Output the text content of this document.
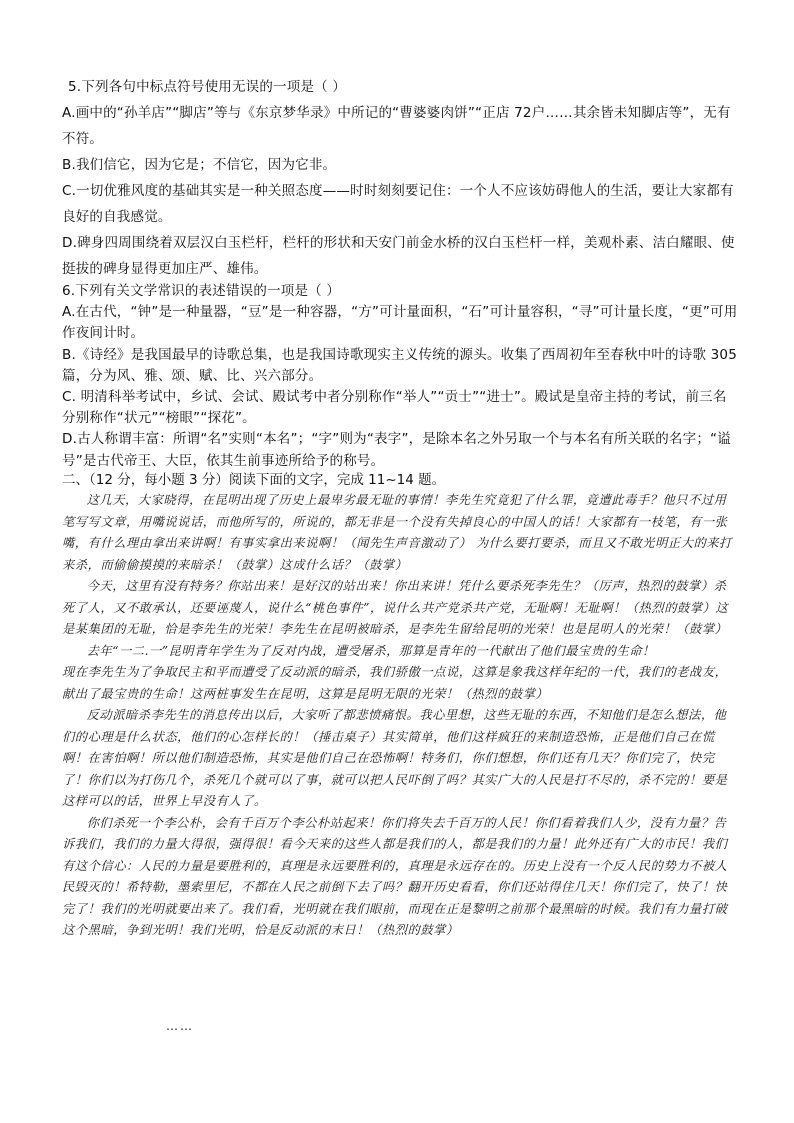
5.下列各句中标点符号使用无误的一项是（ ）

A.画中的“孙羊店”“脚店”等与《东京梦华录》中所记的“曹婆婆肉饼”“正店 72户……其余皆未知脚店等”，无有不符。

B.我们信它，因为它是；不信它，因为它非。

C.一切优雅风度的基础其实是一种关照态度——时时刻刻要记住：一个人不应该妨碍他人的生活，要让大家都有良好的自我感觉。

D.碑身四周围绕着双层汉白玉栏杆，栏杆的形状和天安门前金水桥的汉白玉栏杆一样，美观朴素、洁白耀眼、使挺拔的碑身显得更加庄严、雄伟。

6.下列有关文学常识的表述错误的一项是（ ）

A.在古代，“钟”是一种量器，“豆”是一种容器，“方”可计量面积，“石”可计量容积，“寻”可计量长度，“更”可用作夜间计时。

B.《诗经》是我国最早的诗歌总集，也是我国诗歌现实主义传统的源头。收集了西周初年至春秋中叶的诗歌 305篇，分为风、雅、颂、赋、比、兴六部分。

C. 明清科举考试中，乡试、会试、殿试考中者分别称作“举人”“贡士”“进士”。殿试是皇帝主持的考试，前三名分别称作“状元”“榜眼”“探花”。

D.古人称谓丰富：所谓“名”实则“本名”；“字”则为“表字”，是除本名之外另取一个与本名有所关联的名字；“谥号”是古代帝王、大臣，依其生前事迹所给予的称号。

二、（12 分，每小题 3 分）阅读下面的文字，完成 11~14 题。

这几天，大家晓得，在昆明出现了历史上最卑劣最无耻的事情！李先生究竟犯了什么罪，竟遭此毒手？他只不过用笔写写文章，用嘴说说话，而他所写的，所说的，都无非是一个没有失掉良心的中国人的话！大家都有一枝笔，有一张嘴，有什么理由拿出来讲啊！有事实拿出来说啊！（闻先生声音激动了） 为什么要打要杀，而且又不敢光明正大的来打来杀，而偷偷摸摸的来暗杀！（鼓掌）这成什么话？（鼓掌）

今天，这里有没有特务？你站出来！是好汉的站出来！你出来讲！凭什么要杀死李先生？（厉声，热烈的鼓掌）杀死了人，又不敢承认，还要诬蔑人，说什么“桃色事件”，说什么共产党杀共产党，无耻啊！无耻啊！（热烈的鼓掌）这是某集团的无耻，恰是李先生的光荣！李先生在昆明被暗杀，是李先生留给昆明的光荣！也是昆明人的光荣！（鼓掌）

去年“一二.一”昆明青年学生为了反对内战，遭受屠杀，那算是青年的一代献出了他们最宝贵的生命！

现在李先生为了争取民主和平而遭受了反动派的暗杀，我们骄傲一点说，这算是象我这样年纪的一代，我们的老战友，献出了最宝贵的生命！这两桩事发生在昆明，这算是昆明无限的光荣！（热烈的鼓掌）

反动派暗杀李先生的消息传出以后，大家听了都悲愤痛恨。我心里想，这些无耻的东西，不知他们是怎么想法，他们的心理是什么状态，他们的心怎样长的！（捶击桌子）其实简单，他们这样疯狂的来制造恐怖，正是他们自己在慌啊！在害怕啊！所以他们制造恐怖，其实是他们自己在恐怖啊！特务们，你们想想，你们还有几天？你们完了，快完了！你们以为打伤几个，杀死几个就可以了事，就可以把人民吓倒了吗？其实广大的人民是打不尽的，杀不完的！要是这样可以的话，世界上早没有人了。

你们杀死一个李公朴，会有千百万个李公朴站起来！你们将失去千百万的人民！你们看着我们人少，没有力量？告诉我们，我们的力量大得很，强得很！看今天来的这些人都是我们的人，都是我们的力量！此外还有广大的市民！我们有这个信心：人民的力量是要胜利的，真理是永远要胜利的，真理是永远存在的。历史上没有一个反人民的势力不被人民毁灭的！希特勒，墨索里尼，不都在人民之前倒下去了吗？翻开历史看看，你们还站得住几天！你们完了，快了！快完了！我们的光明就要出来了。我们看，光明就在我们眼前，而现在正是黎明之前那个最黑暗的时候。我们有力量打破这个黑暗，争到光明！我们光明，恰是反动派的末日！（热烈的鼓掌）

……
